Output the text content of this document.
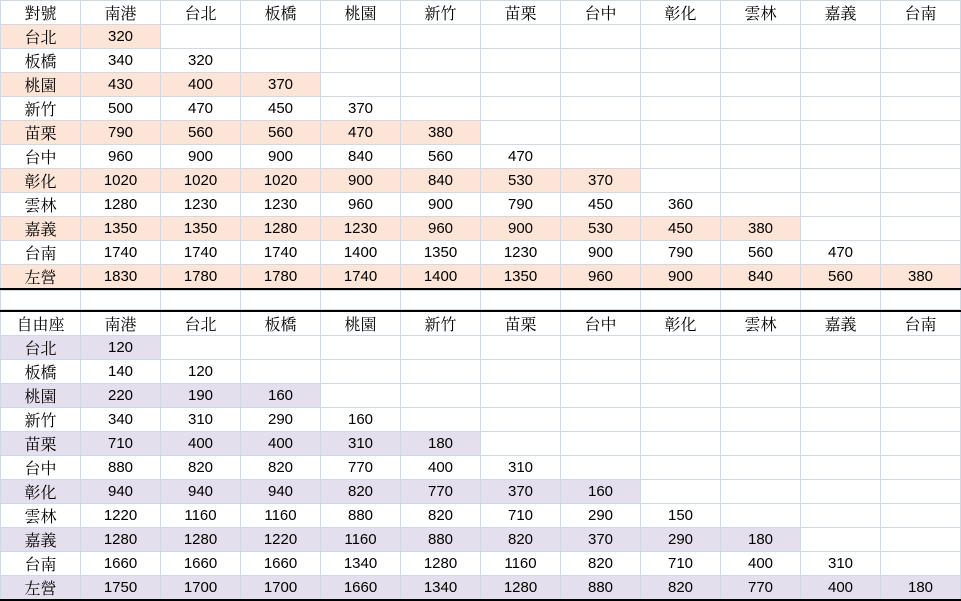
對號	南港	台北	板橋	桃園	新竹	苗栗	台中	彰化	雲林	嘉義	台南
台北	320										
板橋	340	320									
桃園	430	400	370								
新竹	500	470	450	370							
苗栗	790	560	560	470	380						
台中	960	900	900	840	560	470					
彰化	1020	1020	1020	900	840	530	370				
雲林	1280	1230	1230	960	900	790	450	360			
嘉義	1350	1350	1280	1230	960	900	530	450	380		
台南	1740	1740	1740	1400	1350	1230	900	790	560	470	
左營	1830	1780	1780	1740	1400	1350	960	900	840	560	380

自由座	南港	台北	板橋	桃園	新竹	苗栗	台中	彰化	雲林	嘉義	台南
台北	120										
板橋	140	120									
桃園	220	190	160								
新竹	340	310	290	160							
苗栗	710	400	400	310	180						
台中	880	820	820	770	400	310					
彰化	940	940	940	820	770	370	160				
雲林	1220	1160	1160	880	820	710	290	150			
嘉義	1280	1280	1220	1160	880	820	370	290	180		
台南	1660	1660	1660	1340	1280	1160	820	710	400	310	
左營	1750	1700	1700	1660	1340	1280	880	820	770	400	180
